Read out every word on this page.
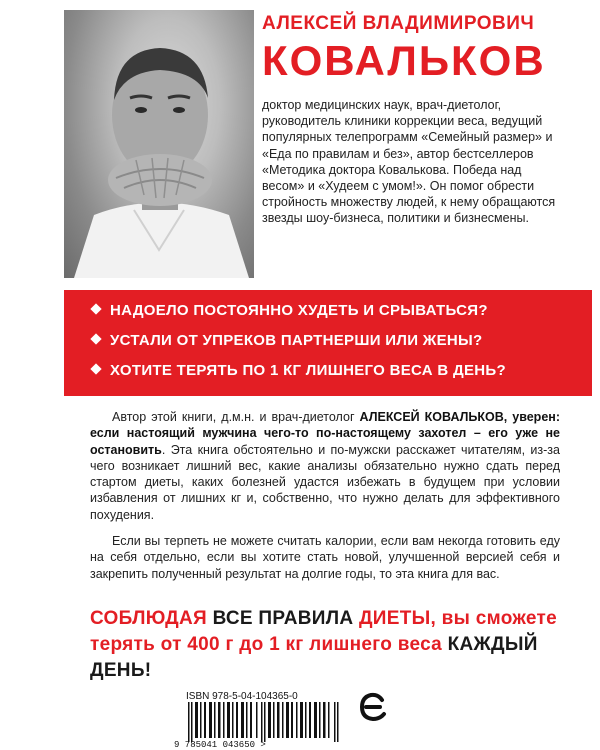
АЛЕКСЕЙ ВЛАДИМИРОВИЧ
КОВАЛЬКОВ
доктор медицинских наук, врач-диетолог, руководитель клиники коррекции веса, ведущий популярных телепрограмм «Семейный размер» и «Еда по правилам и без», автор бестселлеров «Методика доктора Ковалькова. Победа над весом» и «Худеем с умом!». Он помог обрести стройность множеству людей, к нему обращаются звезды шоу-бизнеса, политики и бизнесмены.
НАДОЕЛО ПОСТОЯННО ХУДЕТЬ И СРЫВАТЬСЯ?
УСТАЛИ ОТ УПРЕКОВ ПАРТНЕРШИ ИЛИ ЖЕНЫ?
ХОТИТЕ ТЕРЯТЬ ПО 1 КГ ЛИШНЕГО ВЕСА В ДЕНЬ?

Автор этой книги, д.м.н. и врач-диетолог АЛЕКСЕЙ КОВАЛЬКОВ, уверен: если настоящий мужчина чего-то по-настоящему захотел – его уже не остановить. Эта книга обстоятельно и по-мужски расскажет читателям, из-за чего возникает лишний вес, какие анализы обязательно нужно сдать перед стартом диеты, каких болезней удастся избежать в будущем при условии избавления от лишних кг и, собственно, что нужно делать для эффективного похудения.

Если вы терпеть не можете считать калории, если вам некогда готовить еду на себя отдельно, если вы хотите стать новой, улучшенной версией себя и закрепить полученный результат на долгие годы, то эта книга для вас.

СОБЛЮДАЯ ВСЕ ПРАВИЛА ДИЕТЫ, вы сможете терять от 400 г до 1 кг лишнего веса КАЖДЫЙ ДЕНЬ!
ISBN 978-5-04-104365-0
9 785041 043650 >
